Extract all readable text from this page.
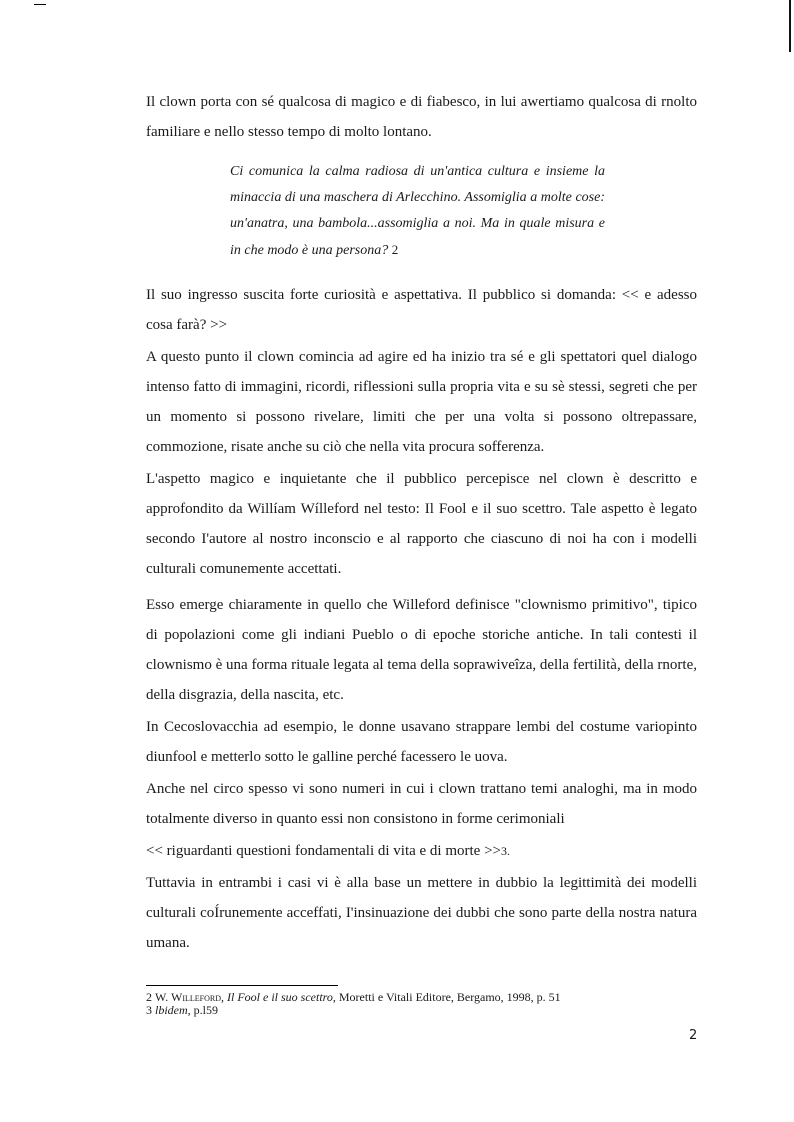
Il clown porta con sé qualcosa di magico e di fiabesco, in lui awertiamo qualcosa di rnolto familiare e nello stesso tempo di molto lontano.

Ci comunica la calma radiosa di un'antica cultura e insieme la minaccia di una maschera di Arlecchino. Assomiglia a molte cose: un'anatra, una bambola...assomiglia a noi. Ma in quale misura e in che modo è una persona? 2

Il suo ingresso suscita forte curiosità e aspettativa. Il pubblico si domanda: << e adesso cosa farà? >>

A questo punto il clown comincia ad agire ed ha inizio tra sé e gli spettatori quel dialogo intenso fatto di immagini, ricordi, riflessioni sulla propria vita e su sè stessi, segreti che per un momento si possono rivelare, limiti che per una volta si possono oltrepassare, commozione, risate anche su ciò che nella vita procura sofferenza.

L'aspetto magico e inquietante che il pubblico percepisce nel clown è descritto e approfondito da Willíam Wílleford nel testo: Il Fool e il suo scettro. Tale aspetto è legato secondo I'autore al nostro inconscio e al rapporto che ciascuno di noi ha con i modelli culturali comunemente accettati.

Esso emerge chiaramente in quello che Willeford definisce "clownismo primitivo", tipico di popolazioni come gli indiani Pueblo o di epoche storiche antiche. In tali contesti il clownismo è una forma rituale legata al tema della soprawiveîza, della fertilità, della rnorte, della disgrazia, della nascita, etc.

In Cecoslovacchia ad esempio, le donne usavano strappare lembi del costume variopinto diunfool e metterlo sotto le galline perché facessero le uova.

Anche nel circo spesso vi sono numeri in cui i clown trattano temi analoghi, ma in modo totalmente diverso in quanto essi non consistono in forme cerimoniali

<< riguardanti questioni fondamentali di vita e di morte >>3.

Tuttavia in entrambi i casi vi è alla base un mettere in dubbio la legittimità dei modelli culturali coÍrunemente acceffati, I'insinuazione dei dubbi che sono parte della nostra natura umana.

2 W. Willeford, Il Fool e il suo scettro, Moretti e Vitali Editore, Bergamo, 1998, p. 51
3 lbidem, p.l59
2
